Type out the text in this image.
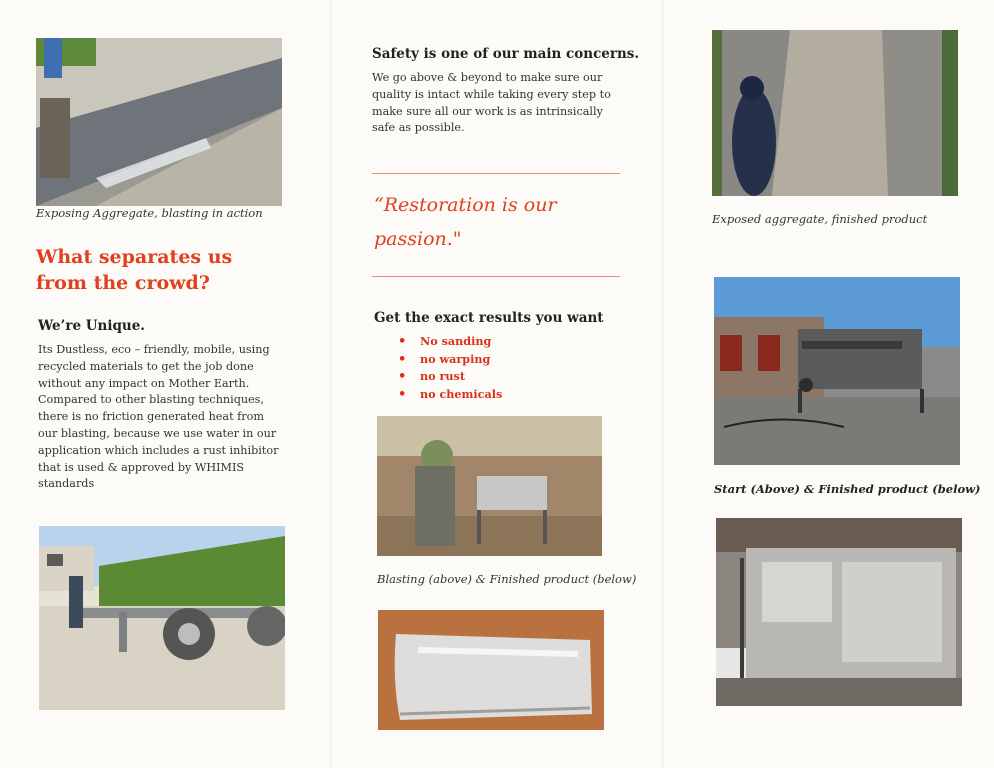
Exposing Aggregate, blasting in action
What separates us from the crowd?
We’re Unique.
Its Dustless, eco – friendly, mobile, using recycled materials to get the job done without any impact on Mother Earth. Compared to other blasting techniques, there is no friction generated heat from our blasting, because we use water in our application which includes a rust inhibitor that is used & approved by WHIMIS standards
Safety is one of our main concerns.
We go above & beyond to make sure our quality is intact while taking every step to make sure all our work is as intrinsically safe as possible.
“Restoration is our passion."
Get the exact results you want
• No sanding
• no warping
• no rust
• no chemicals
Blasting (above) & Finished product (below)
Exposed aggregate, finished product
Start (Above) & Finished product (below)
